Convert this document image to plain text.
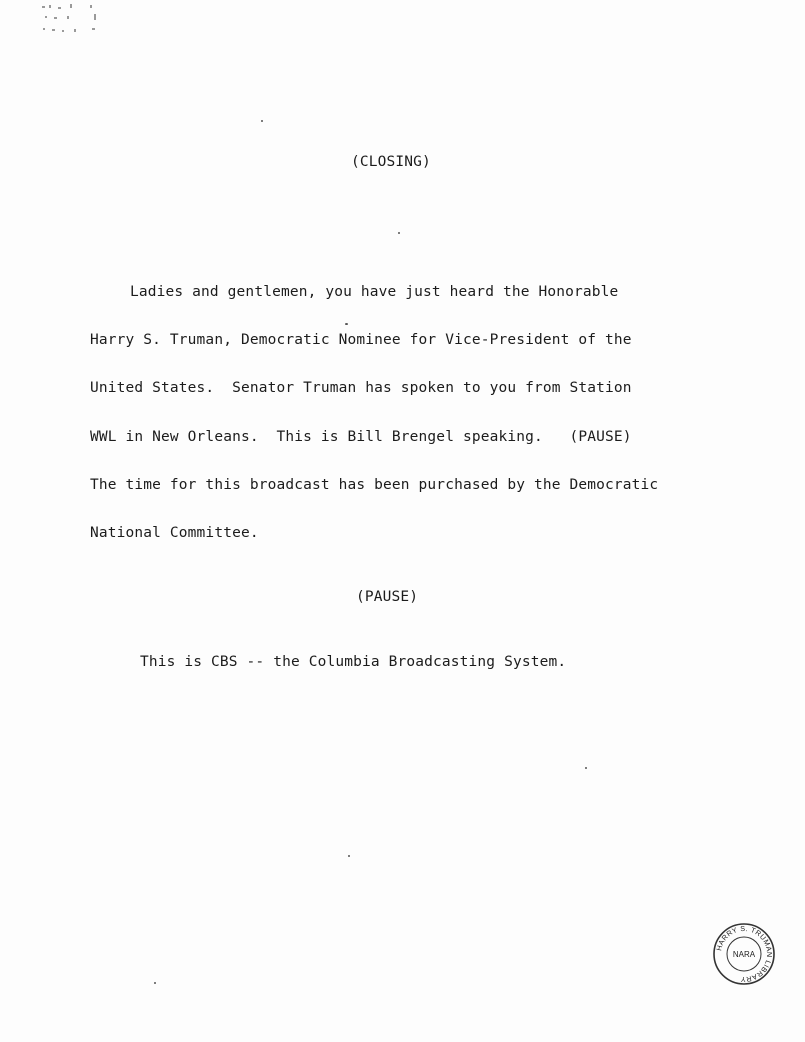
(CLOSING)
Ladies and gentlemen, you have just heard the Honorable
Harry S. Truman, Democratic Nominee for Vice-President of the
United States.  Senator Truman has spoken to you from Station
WWL in New Orleans.  This is Bill Brengel speaking.   (PAUSE)
The time for this broadcast has been purchased by the Democratic
National Committee.
(PAUSE)
This is CBS -- the Columbia Broadcasting System.
HARRY S. TRUMAN LIBRARY
NARA
